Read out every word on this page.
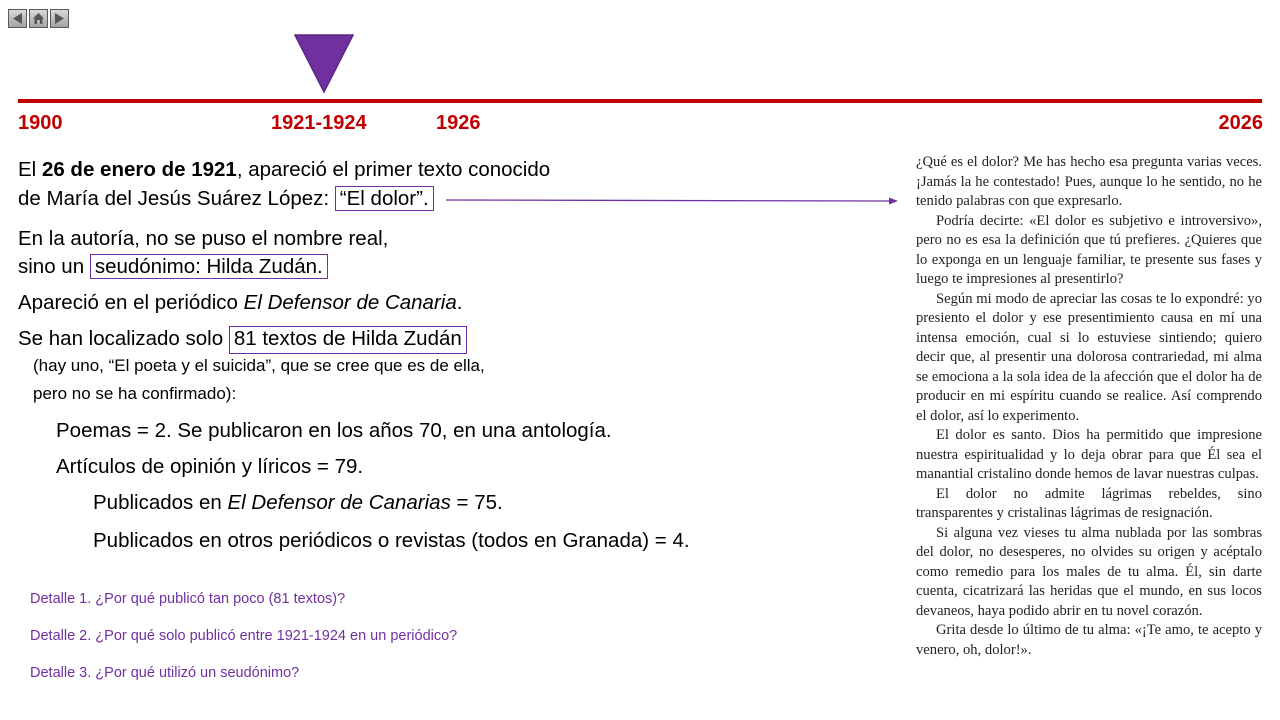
1900	1921-1924	1926	2026
El 26 de enero de 1921, apareció el primer texto conocido
de María del Jesús Suárez López: “El dolor”.
En la autoría, no se puso el nombre real,
sino un seudónimo: Hilda Zudán.
Apareció en el periódico El Defensor de Canaria.
Se han localizado solo 81 textos de Hilda Zudán
(hay uno, “El poeta y el suicida”, que se cree que es de ella,
pero no se ha confirmado):
Poemas = 2. Se publicaron en los años 70, en una antología.
Artículos de opinión y líricos = 79.
Publicados en El Defensor de Canarias = 75.
Publicados en otros periódicos o revistas (todos en Granada) = 4.
Detalle 1. ¿Por qué publicó tan poco (81 textos)?
Detalle 2. ¿Por qué solo publicó entre 1921-1924 en un periódico?
Detalle 3. ¿Por qué utilizó un seudónimo?

¿Qué es el dolor? Me has hecho esa pregunta varias veces. ¡Jamás la he contestado! Pues, aunque lo he sentido, no he tenido palabras con que expresarlo.

Podría decirte: «El dolor es subjetivo e introversivo», pero no es esa la definición que tú prefieres. ¿Quieres que lo exponga en un lenguaje familiar, te presente sus fases y luego te impresiones al presentirlo?

Según mi modo de apreciar las cosas te lo expondré: yo presiento el dolor y ese presentimiento causa en mí una intensa emoción, cual si lo estuviese sintiendo; quiero decir que, al presentir una dolorosa contrariedad, mi alma se emociona a la sola idea de la afección que el dolor ha de producir en mi espíritu cuando se realice. Así comprendo el dolor, así lo experimento.

El dolor es santo. Dios ha permitido que impresione nuestra espiritualidad y lo deja obrar para que Él sea el manantial cristalino donde hemos de lavar nuestras culpas.

El dolor no admite lágrimas rebeldes, sino transparentes y cristalinas lágrimas de resignación.

Si alguna vez vieses tu alma nublada por las sombras del dolor, no desesperes, no olvides su origen y acéptalo como remedio para los males de tu alma. Él, sin darte cuenta, cicatrizará las heridas que el mundo, en sus locos devaneos, haya podido abrir en tu novel corazón.

Grita desde lo último de tu alma: «¡Te amo, te acepto y venero, oh, dolor!».
